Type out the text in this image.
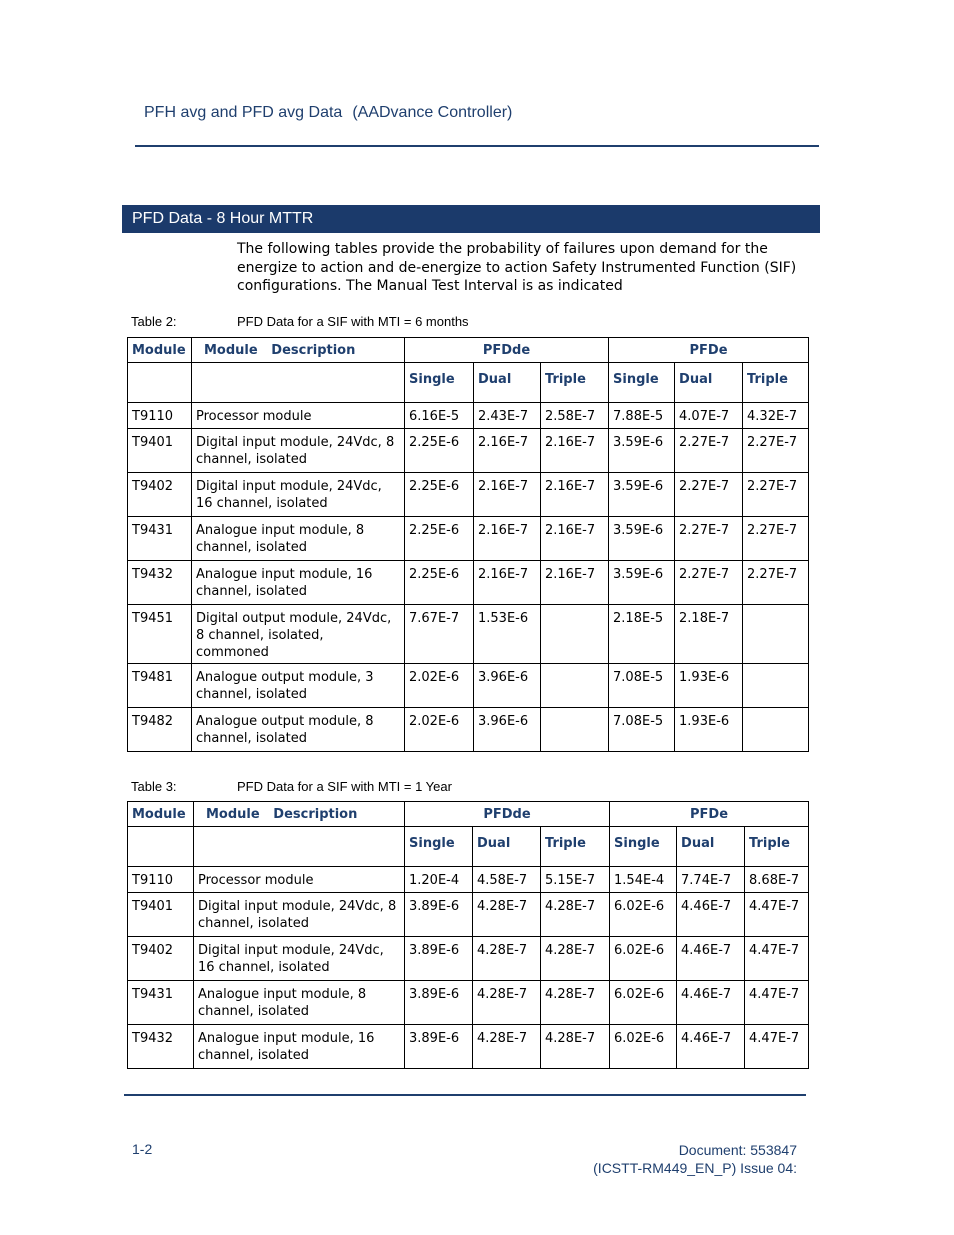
PFH avg and PFD avg Data (AADvance Controller)
PFD Data - 8 Hour MTTR
The following tables provide the probability of failures upon demand for the energize to action and de-energize to action Safety Instrumented Function (SIF) configurations. The Manual Test Interval is as indicated
Table 2:	PFD Data for a SIF with MTI = 6 months
Module	Module Description	PFDde			PFDe		
		Single	Dual	Triple	Single	Dual	Triple
T9110	Processor module	6.16E-5	2.43E-7	2.58E-7	7.88E-5	4.07E-7	4.32E-7
T9401	Digital input module, 24Vdc, 8 channel, isolated	2.25E-6	2.16E-7	2.16E-7	3.59E-6	2.27E-7	2.27E-7
T9402	Digital input module, 24Vdc, 16 channel, isolated	2.25E-6	2.16E-7	2.16E-7	3.59E-6	2.27E-7	2.27E-7
T9431	Analogue input module, 8 channel, isolated	2.25E-6	2.16E-7	2.16E-7	3.59E-6	2.27E-7	2.27E-7
T9432	Analogue input module, 16 channel, isolated	2.25E-6	2.16E-7	2.16E-7	3.59E-6	2.27E-7	2.27E-7
T9451	Digital output module, 24Vdc, 8 channel, isolated, commoned	7.67E-7	1.53E-6		2.18E-5	2.18E-7	
T9481	Analogue output module, 3 channel, isolated	2.02E-6	3.96E-6		7.08E-5	1.93E-6	
T9482	Analogue output module, 8 channel, isolated	2.02E-6	3.96E-6		7.08E-5	1.93E-6	
Table 3:	PFD Data for a SIF with MTI = 1 Year
Module	Module Description	PFDde			PFDe		
		Single	Dual	Triple	Single	Dual	Triple
T9110	Processor module	1.20E-4	4.58E-7	5.15E-7	1.54E-4	7.74E-7	8.68E-7
T9401	Digital input module, 24Vdc, 8 channel, isolated	3.89E-6	4.28E-7	4.28E-7	6.02E-6	4.46E-7	4.47E-7
T9402	Digital input module, 24Vdc, 16 channel, isolated	3.89E-6	4.28E-7	4.28E-7	6.02E-6	4.46E-7	4.47E-7
T9431	Analogue input module, 8 channel, isolated	3.89E-6	4.28E-7	4.28E-7	6.02E-6	4.46E-7	4.47E-7
T9432	Analogue input module, 16 channel, isolated	3.89E-6	4.28E-7	4.28E-7	6.02E-6	4.46E-7	4.47E-7
1-2	Document: 553847
(ICSTT-RM449_EN_P) Issue 04:
